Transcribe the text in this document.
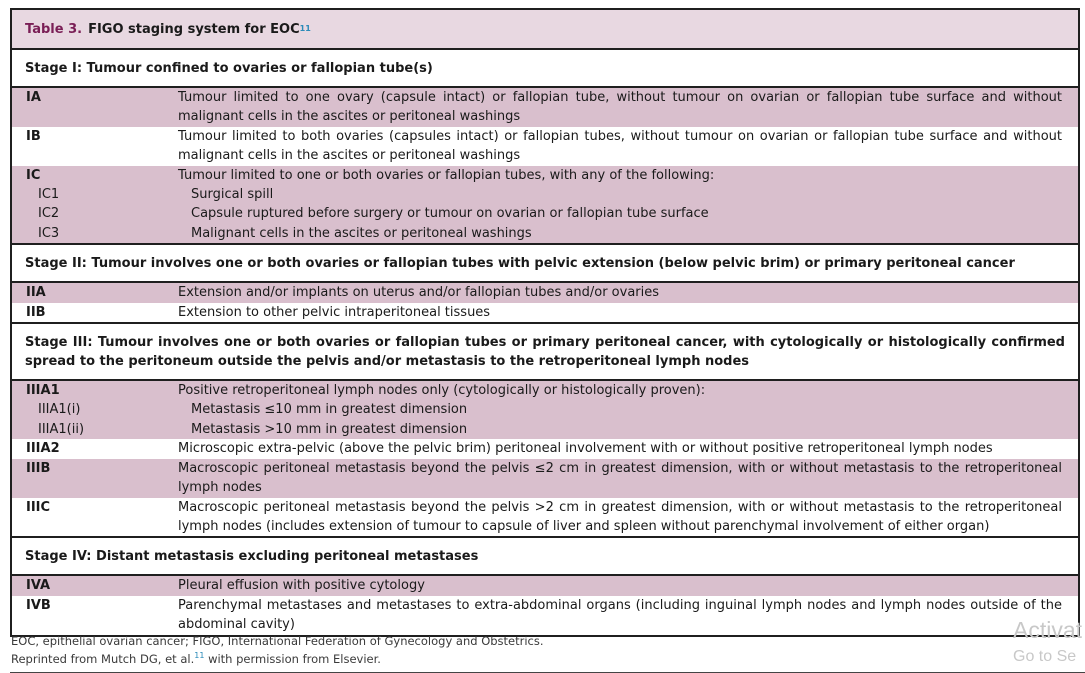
Table 3. FIGO staging system for EOC$^{11}$
Stage I: Tumour confined to ovaries or fallopian tube(s)
IA	Tumour limited to one ovary (capsule intact) or fallopian tube, without tumour on ovarian or fallopian tube surface and without malignant cells in the ascites or peritoneal washings
IB	Tumour limited to both ovaries (capsules intact) or fallopian tubes, without tumour on ovarian or fallopian tube surface and without malignant cells in the ascites or peritoneal washings
IC	Tumour limited to one or both ovaries or fallopian tubes, with any of the following:
IC1	Surgical spill
IC2	Capsule ruptured before surgery or tumour on ovarian or fallopian tube surface
IC3	Malignant cells in the ascites or peritoneal washings
Stage II: Tumour involves one or both ovaries or fallopian tubes with pelvic extension (below pelvic brim) or primary peritoneal cancer
IIA	Extension and/or implants on uterus and/or fallopian tubes and/or ovaries
IIB	Extension to other pelvic intraperitoneal tissues
Stage III: Tumour involves one or both ovaries or fallopian tubes or primary peritoneal cancer, with cytologically or histologically confirmed spread to the peritoneum outside the pelvis and/or metastasis to the retroperitoneal lymph nodes
IIIA1	Positive retroperitoneal lymph nodes only (cytologically or histologically proven):
IIIA1(i)	Metastasis ≤10 mm in greatest dimension
IIIA1(ii)	Metastasis >10 mm in greatest dimension
IIIA2	Microscopic extra-pelvic (above the pelvic brim) peritoneal involvement with or without positive retroperitoneal lymph nodes
IIIB	Macroscopic peritoneal metastasis beyond the pelvis ≤2 cm in greatest dimension, with or without metastasis to the retroperitoneal lymph nodes
IIIC	Macroscopic peritoneal metastasis beyond the pelvis >2 cm in greatest dimension, with or without metastasis to the retroperitoneal lymph nodes (includes extension of tumour to capsule of liver and spleen without parenchymal involvement of either organ)
Stage IV: Distant metastasis excluding peritoneal metastases
IVA	Pleural effusion with positive cytology
IVB	Parenchymal metastases and metastases to extra-abdominal organs (including inguinal lymph nodes and lymph nodes outside of the abdominal cavity)
EOC, epithelial ovarian cancer; FIGO, International Federation of Gynecology and Obstetrics.
Reprinted from Mutch DG, et al.$^{11}$ with permission from Elsevier.
Activat
Go to Se
